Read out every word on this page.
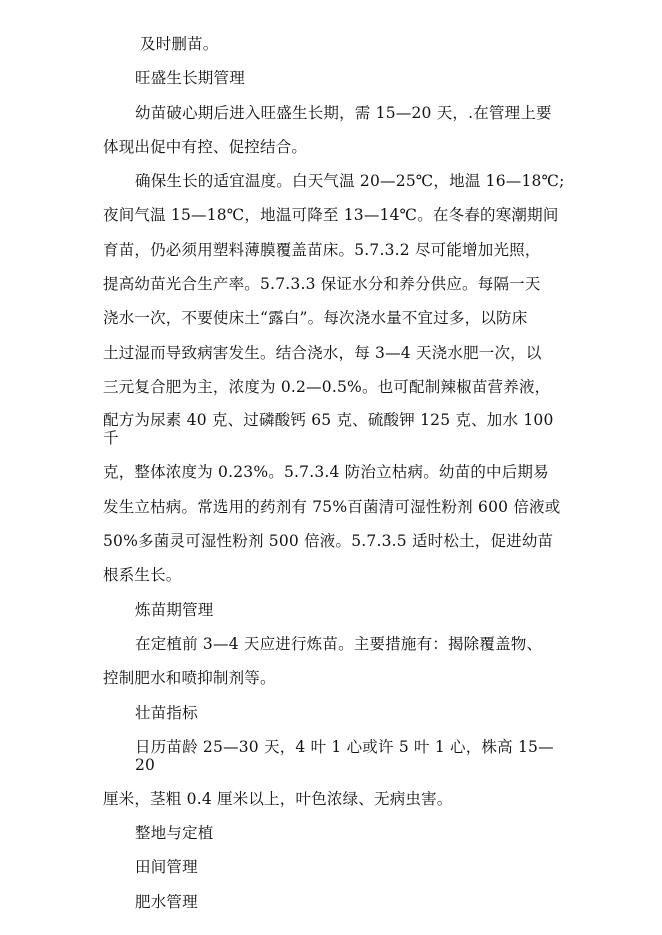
及时删苗。

旺盛生长期管理

幼苗破心期后进入旺盛生长期，需 15—20 天，.在管理上要

体现出促中有控、促控结合。

确保生长的适宜温度。白天气温 20—25℃，地温 16—18℃;

夜间气温 15—18℃，地温可降至 13—14℃。在冬春的寒潮期间

育苗，仍必须用塑料薄膜覆盖苗床。5.7.3.2 尽可能增加光照，

提高幼苗光合生产率。5.7.3.3 保证水分和养分供应。每隔一天

浇水一次，不要使床土“露白”。每次浇水量不宜过多，以防床

土过湿而导致病害发生。结合浇水，每 3—4 天浇水肥一次，以

三元复合肥为主，浓度为 0.2—0.5%。也可配制辣椒苗营养液，

配方为尿素 40 克、过磷酸钙 65 克、硫酸钾 125 克、加水 100

千

克，整体浓度为 0.23%。5.7.3.4 防治立枯病。幼苗的中后期易

发生立枯病。常选用的药剂有 75%百菌清可湿性粉剂 600 倍液或

50%多菌灵可湿性粉剂 500 倍液。5.7.3.5 适时松土，促进幼苗

根系生长。

炼苗期管理

在定植前 3—4 天应进行炼苗。主要措施有：揭除覆盖物、

控制肥水和喷抑制剂等。

壮苗指标

日历苗龄 25—30 天，4 叶 1 心或许 5 叶 1 心，株高 15—

20

厘米，茎粗 0.4 厘米以上，叶色浓绿、无病虫害。

整地与定植

田间管理

肥水管理
